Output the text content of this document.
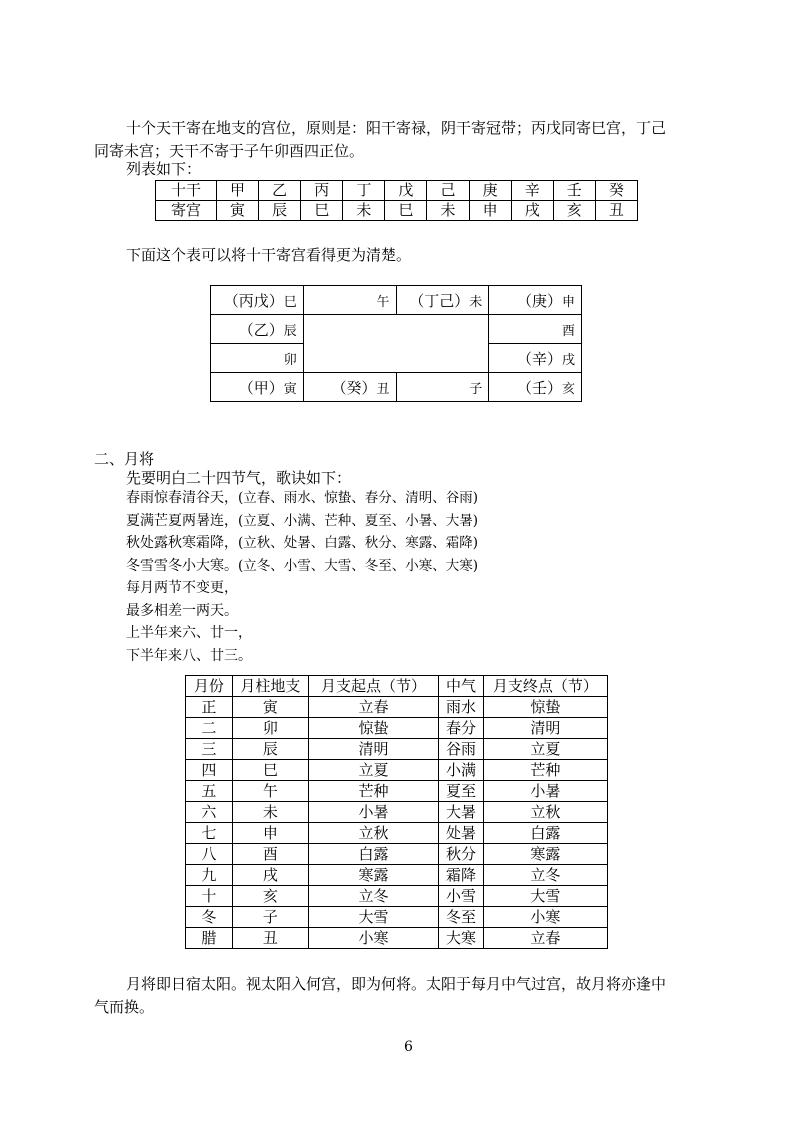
十个天干寄在地支的宫位，原则是：阳干寄禄，阴干寄冠带；丙戊同寄巳宫，丁己

同寄未宫；天干不寄于子午卯酉四正位。

列表如下：

十干	甲	乙	丙	丁	戊	己	庚	辛	壬	癸
寄宫	寅	辰	巳	未	巳	未	申	戌	亥	丑

下面这个表可以将十干寄宫看得更为清楚。

（丙戊）巳	午	（丁己）未	（庚）申
（乙）辰			酉
卯			（辛）戌
（甲）寅	（癸）丑	子	（壬）亥

二、月将

先要明白二十四节气，歌诀如下：

春雨惊春清谷天，(立春、雨水、惊蛰、春分、清明、谷雨)
夏满芒夏两暑连，(立夏、小满、芒种、夏至、小暑、大暑)
秋处露秋寒霜降，(立秋、处暑、白露、秋分、寒露、霜降)
冬雪雪冬小大寒。(立冬、小雪、大雪、冬至、小寒、大寒)
每月两节不变更，
最多相差一两天。
上半年来六、廿一，
下半年来八、廿三。
月份	月柱地支	月支起点（节）	中气	月支终点（节）
正	寅	立春	雨水	惊蛰
二	卯	惊蛰	春分	清明
三	辰	清明	谷雨	立夏
四	巳	立夏	小满	芒种
五	午	芒种	夏至	小暑
六	未	小暑	大暑	立秋
七	申	立秋	处暑	白露
八	酉	白露	秋分	寒露
九	戌	寒露	霜降	立冬
十	亥	立冬	小雪	大雪
冬	子	大雪	冬至	小寒
腊	丑	小寒	大寒	立春

月将即日宿太阳。视太阳入何宫，即为何将。太阳于每月中气过宫，故月将亦逢中

气而换。

6
